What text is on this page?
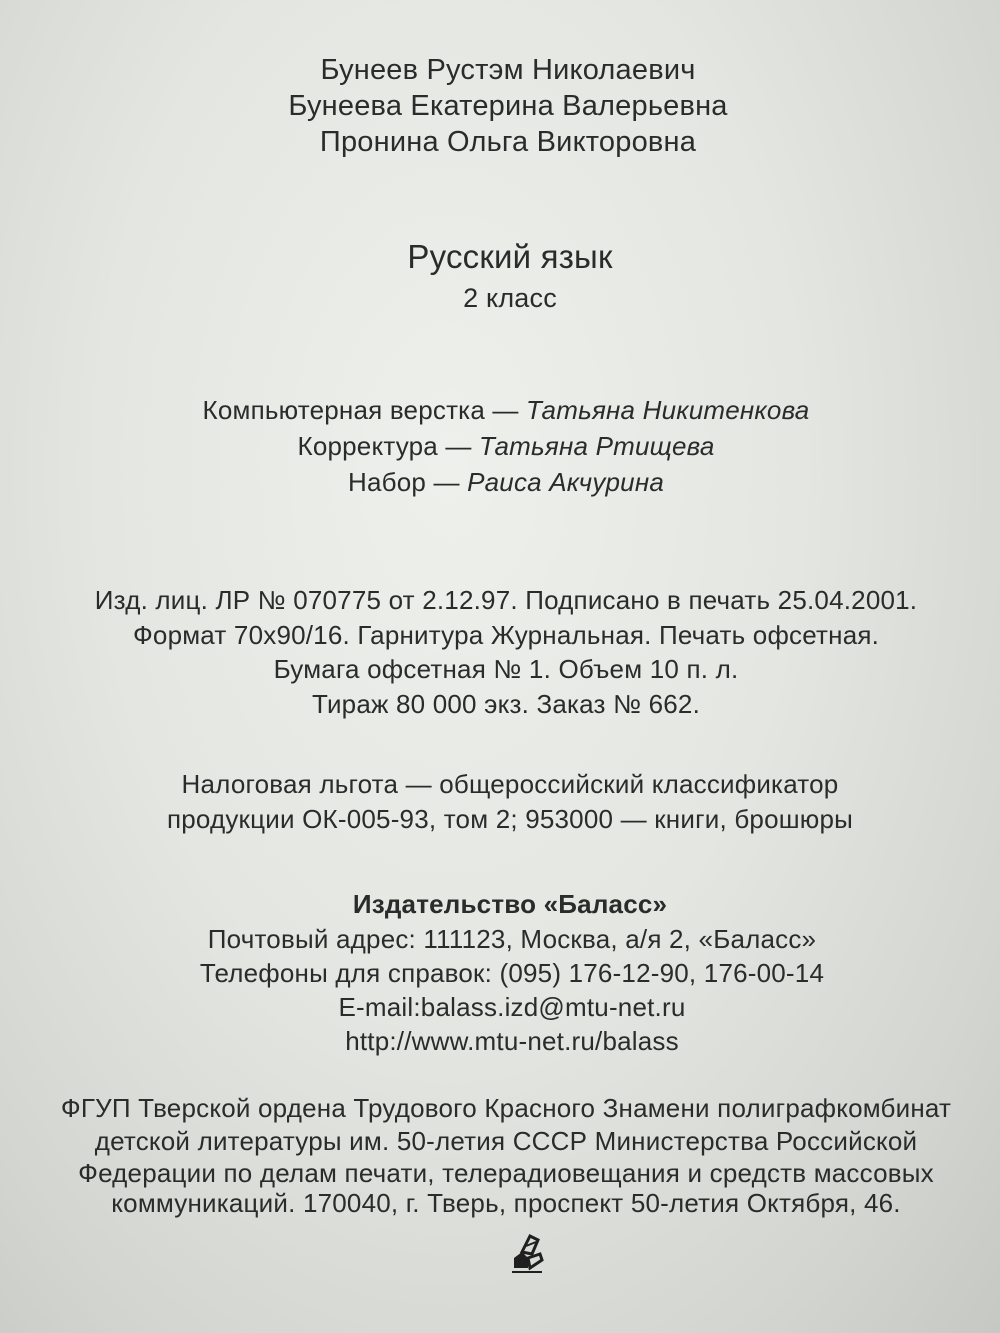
Бунеев Рустэм Николаевич
Бунеева Екатерина Валерьевна
Пронина Ольга Викторовна
Русский язык
2 класс
Компьютерная верстка — Татьяна Никитенкова
Корректура — Татьяна Ртищева
Набор — Раиса Акчурина
Изд. лиц. ЛР № 070775 от 2.12.97. Подписано в печать 25.04.2001.
Формат 70х90/16. Гарнитура Журнальная. Печать офсетная.
Бумага офсетная № 1. Объем 10 п. л.
Тираж 80 000 экз. Заказ № 662.
Налоговая льгота — общероссийский классификатор
продукции ОК-005-93, том 2; 953000 — книги, брошюры
Издательство «Баласс»
Почтовый адрес: 111123, Москва, а/я 2, «Баласс»
Телефоны для справок: (095) 176-12-90, 176-00-14
E-mail:balass.izd@mtu-net.ru
http://www.mtu-net.ru/balass
ФГУП Тверской ордена Трудового Красного Знамени полиграфкомбинат
детской литературы им. 50-летия СССР Министерства Российской
Федерации по делам печати, телерадиовещания и средств массовых
коммуникаций. 170040, г. Тверь, проспект 50-летия Октября, 46.
